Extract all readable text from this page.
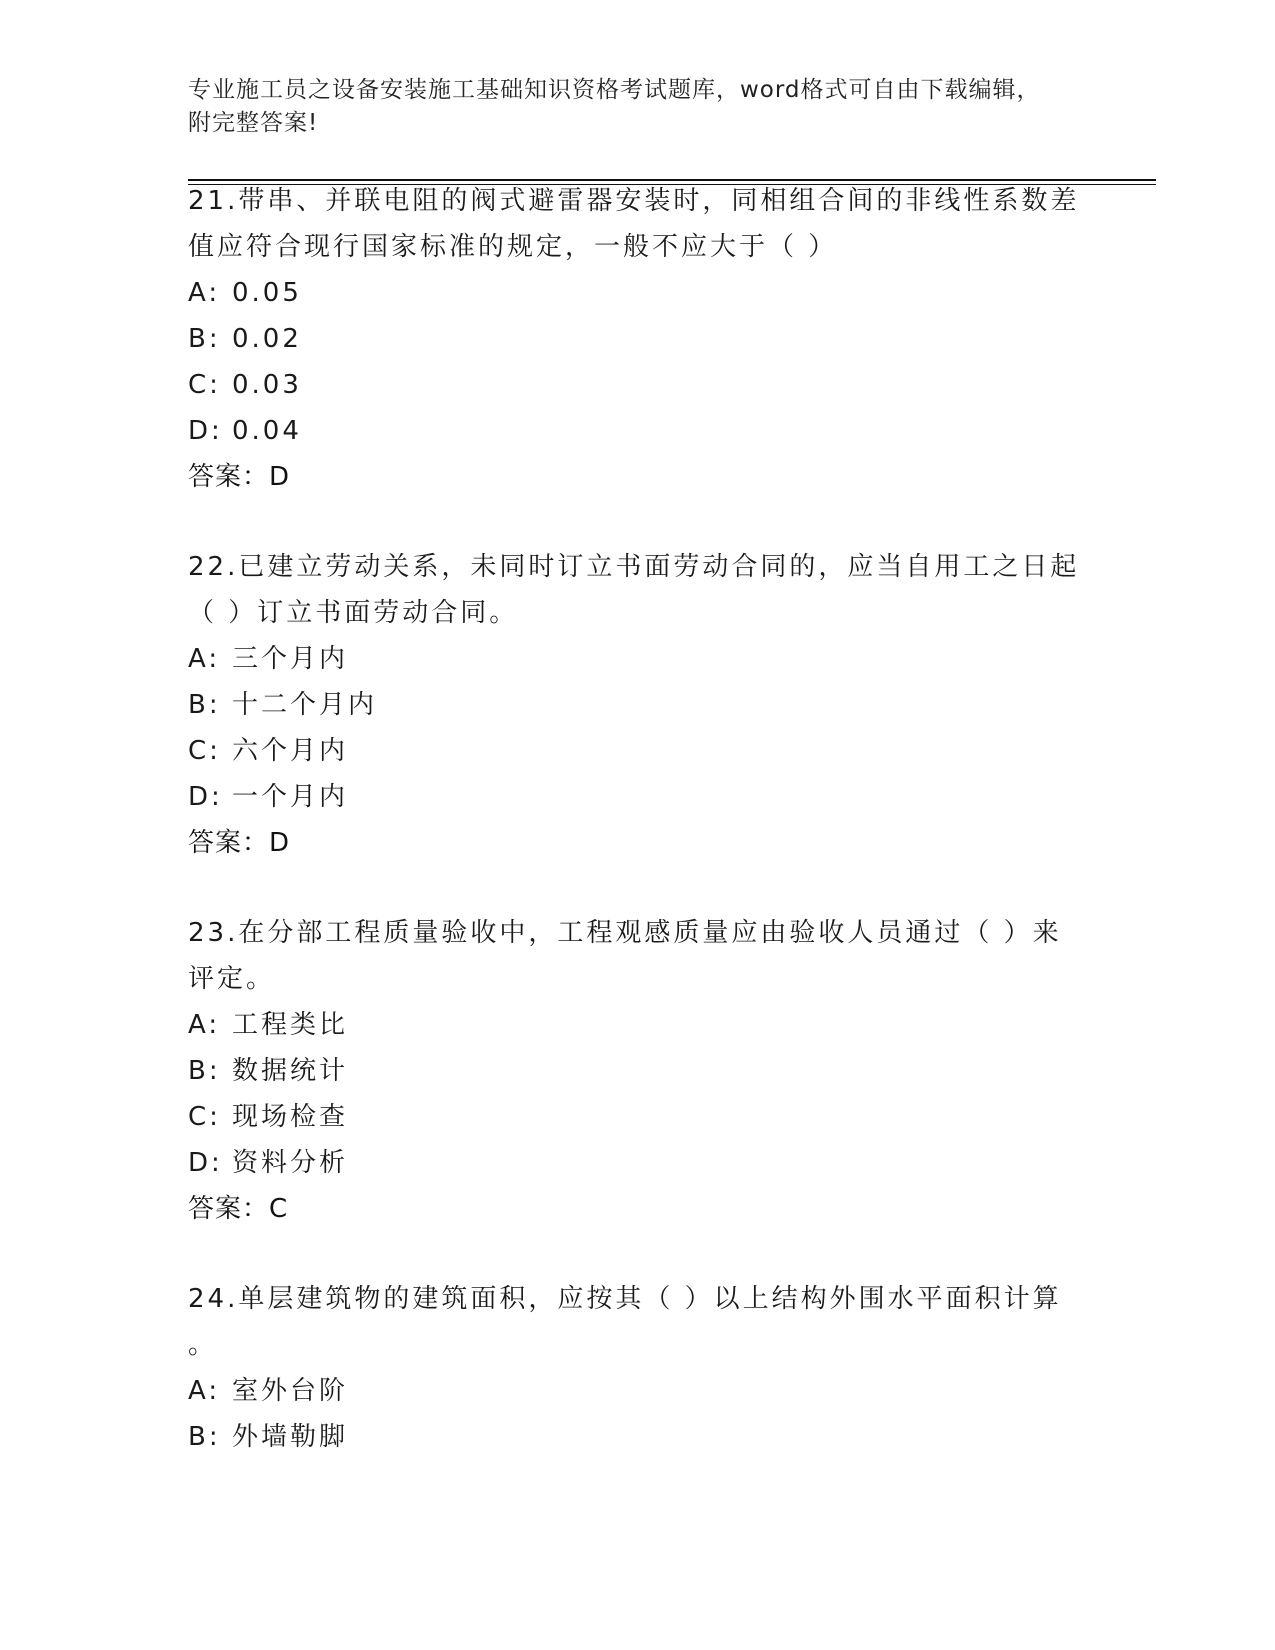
专业施工员之设备安装施工基础知识资格考试题库，word格式可自由下载编辑，
附完整答案!

21.带串、并联电阻的阀式避雷器安装时，同相组合间的非线性系数差

值应符合现行国家标准的规定，一般不应大于（ ）

A: 0.05

B: 0.02

C: 0.03

D: 0.04

答案：D

22.已建立劳动关系，未同时订立书面劳动合同的，应当自用工之日起

（ ）订立书面劳动合同。

A: 三个月内

B: 十二个月内

C: 六个月内

D: 一个月内

答案：D

23.在分部工程质量验收中，工程观感质量应由验收人员通过（ ）来

评定。

A: 工程类比

B: 数据统计

C: 现场检查

D: 资料分析

答案：C

24.单层建筑物的建筑面积，应按其（ ）以上结构外围水平面积计算

。

A: 室外台阶

B: 外墙勒脚
